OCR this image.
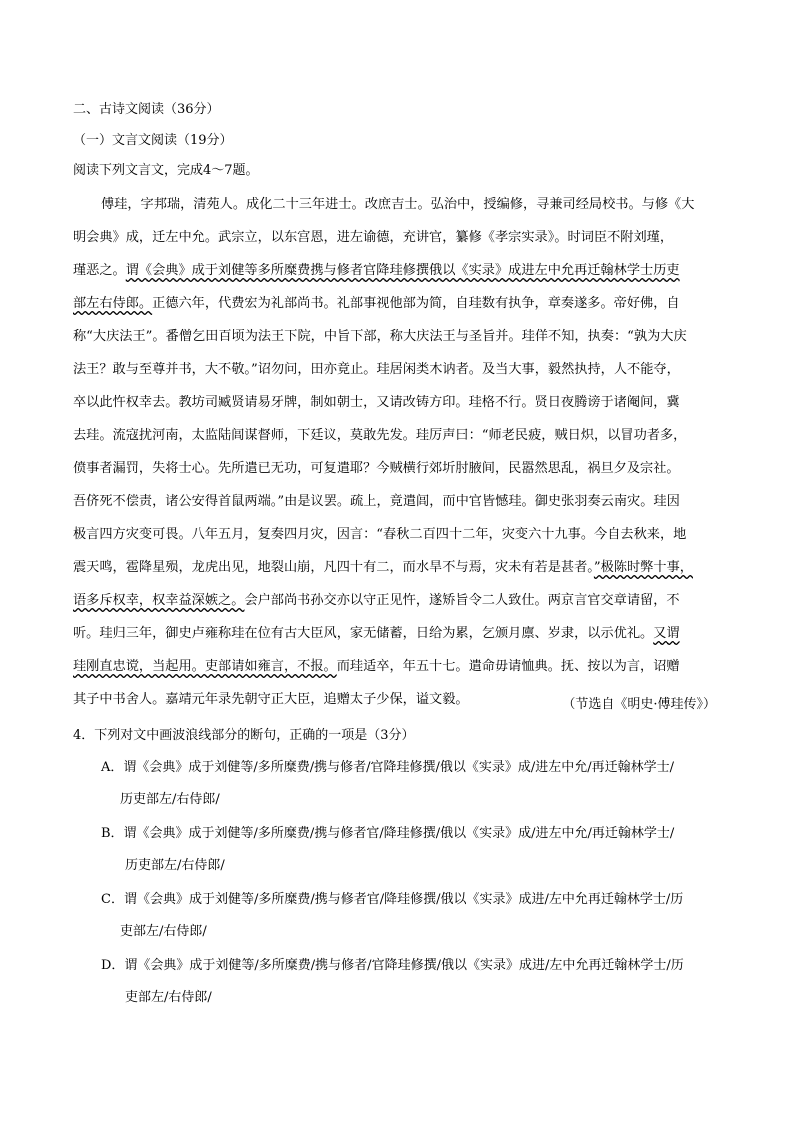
二、古诗文阅读（36分）
（一）文言文阅读（19分）
阅读下列文言文，完成4～7题。
傅珪，字邦瑞，清苑人。成化二十三年进士。改庶吉士。弘治中，授编修，寻兼司经局校书。与修《大
明会典》成，迁左中允。武宗立，以东宫恩，进左谕德，充讲官，纂修《孝宗实录》。时词臣不附刘瑾，
瑾恶之。谓《会典》成于刘健等多所糜费携与修者官降珪修撰俄以《实录》成进左中允再迁翰林学士历吏
部左右侍郎。正德六年，代费宏为礼部尚书。礼部事视他部为简，自珪数有执争，章奏遂多。帝好佛，自
称“大庆法王”。番僧乞田百顷为法王下院，中旨下部，称大庆法王与圣旨并。珪佯不知，执奏：“孰为大庆
法王？敢与至尊并书，大不敬。”诏勿问，田亦竟止。珪居闲类木讷者。及当大事，毅然执持，人不能夺，
卒以此忤权幸去。教坊司臧贤请易牙牌，制如朝士，又请改铸方印。珪格不行。贤日夜腾谤于诸阉间，冀
去珪。流寇扰河南，太监陆闾谋督师，下廷议，莫敢先发。珪厉声曰：“师老民疲，贼日炽，以冒功者多，
偾事者漏罚，失将士心。先所遣已无功，可复遣耶？今贼横行郊圻肘腋间，民嚣然思乱，祸旦夕及宗社。
吾侪死不偿责，诸公安得首鼠两端。”由是议罢。疏上，竟遣闾，而中官皆憾珪。御史张羽奏云南灾。珪因
极言四方灾变可畏。八年五月，复奏四月灾，因言：“春秋二百四十二年，灾变六十九事。今自去秋来，地
震天鸣，雹降星殒，龙虎出见，地裂山崩，凡四十有二，而水旱不与焉，灾未有若是甚者。”极陈时弊十事，
语多斥权幸，权幸益深嫉之。会户部尚书孙交亦以守正见忤，遂矫旨令二人致仕。两京言官交章请留，不
听。珪归三年，御史卢雍称珪在位有古大臣风，家无储蓄，日给为累，乞颁月廪、岁隶，以示优礼。又谓
珪刚直忠谠，当起用。吏部请如雍言，不报。而珪适卒，年五十七。遣命毋请恤典。抚、按以为言，诏赠
其子中书舍人。嘉靖元年录先朝守正大臣，追赠太子少保，谥文毅。	（节选自《明史·傅珪传》）
4．下列对文中画波浪线部分的断句，正确的一项是（3分）
A．谓《会典》成于刘健等/多所糜费/携与修者/官降珪修撰/俄以《实录》成/进左中允/再迁翰林学士/
历吏部左/右侍郎/
B．谓《会典》成于刘健等/多所糜费/携与修者官/降珪修撰/俄以《实录》成/进左中允/再迁翰林学士/
历吏部左/右侍郎/
C．谓《会典》成于刘健等/多所糜费/携与修者官/降珪修撰/俄以《实录》成进/左中允再迁翰林学士/历
吏部左/右侍郎/
D．谓《会典》成于刘健等/多所糜费/携与修者/官降珪修撰/俄以《实录》成进/左中允再迁翰林学士/历
吏部左/右侍郎/
